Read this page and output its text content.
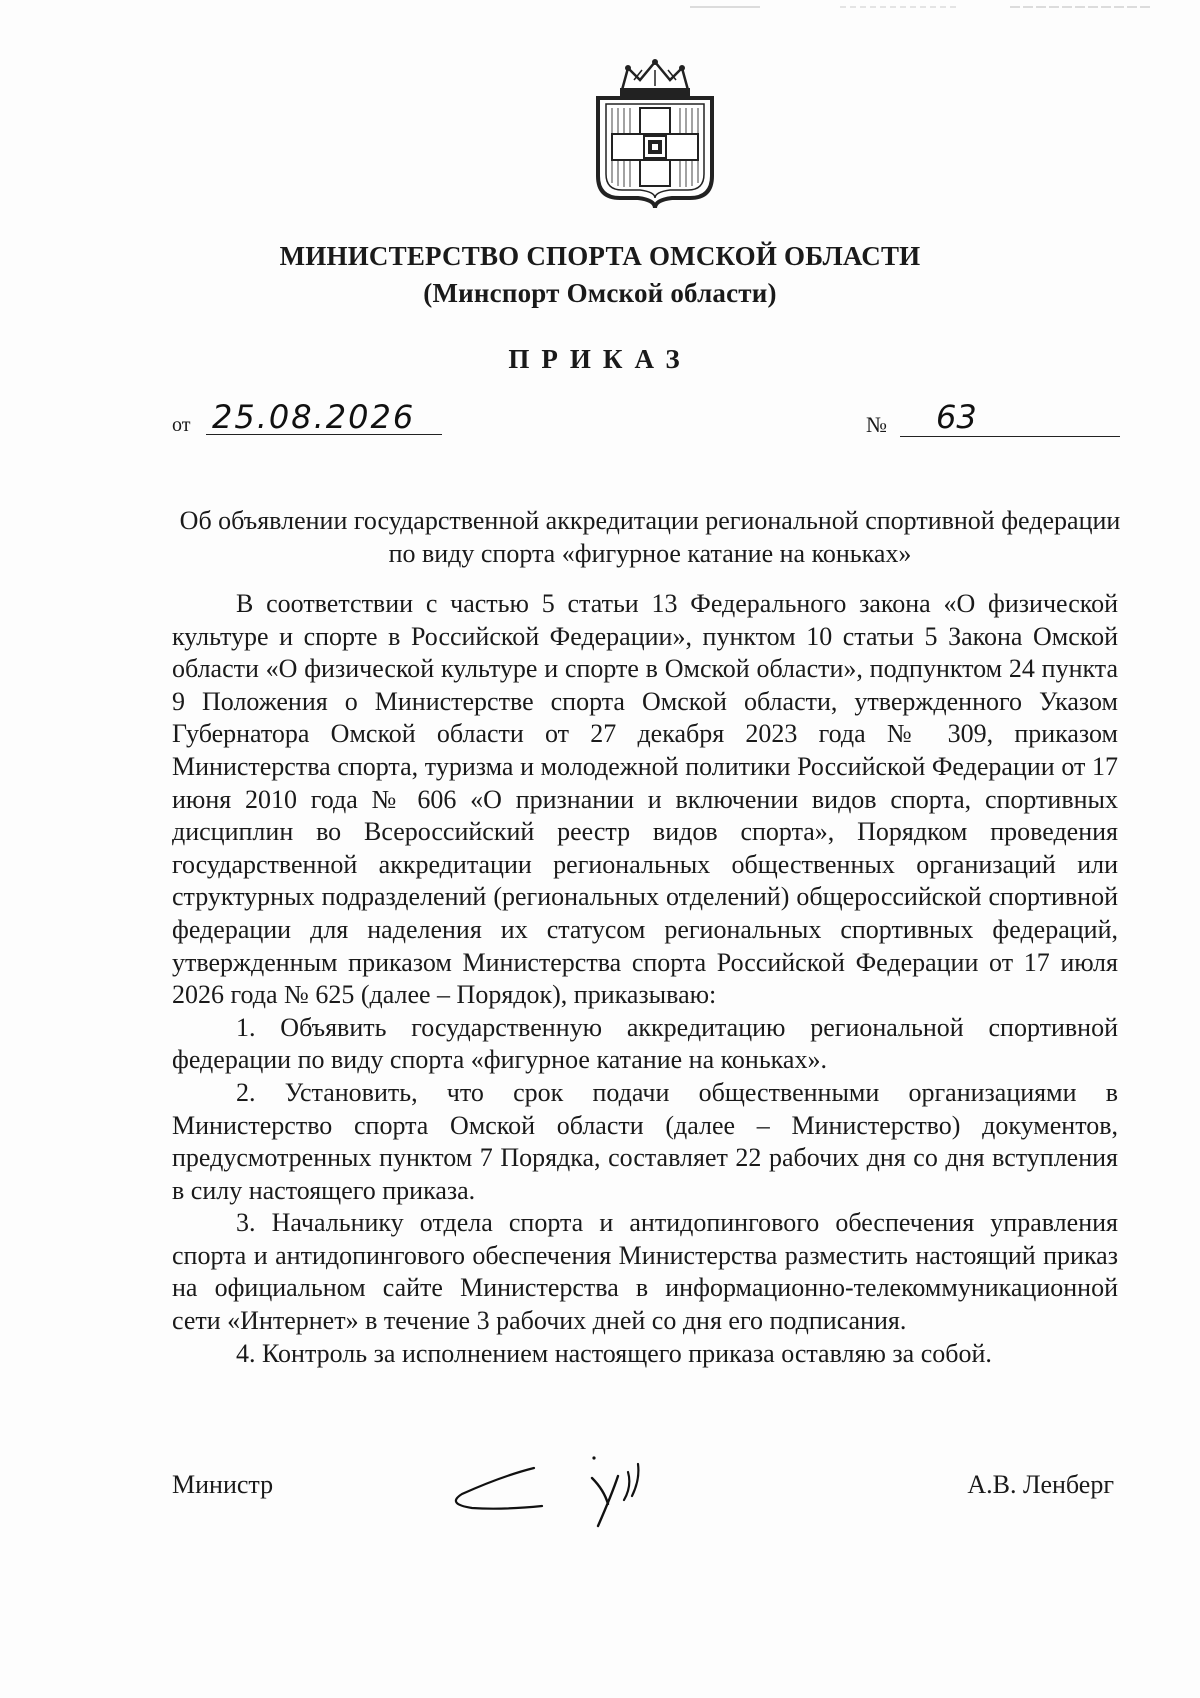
МИНИСТЕРСТВО СПОРТА ОМСКОЙ ОБЛАСТИ
(Минспорт Омской области)
ПРИКАЗ
от 25.08.2026	№ 63
Об объявлении государственной аккредитации региональной спортивной федерации по виду спорта «фигурное катание на коньках»

В соответствии с частью 5 статьи 13 Федерального закона «О физической культуре и спорте в Российской Федерации», пунктом 10 статьи 5 Закона Омской области «О физической культуре и спорте в Омской области», подпунктом 24 пункта 9 Положения о Министерстве спорта Омской области, утвержденного Указом Губернатора Омской области от 27 декабря 2023 года № 309, приказом Министерства спорта, туризма и молодежной политики Российской Федерации от 17 июня 2010 года № 606 «О признании и включении видов спорта, спортивных дисциплин во Всероссийский реестр видов спорта», Порядком проведения государственной аккредитации региональных общественных организаций или структурных подразделений (региональных отделений) общероссийской спортивной федерации для наделения их статусом региональных спортивных федераций, утвержденным приказом Министерства спорта Российской Федерации от 17 июля 2026 года № 625 (далее – Порядок), приказываю:

1. Объявить государственную аккредитацию региональной спортивной федерации по виду спорта «фигурное катание на коньках».

2. Установить, что срок подачи общественными организациями в Министерство спорта Омской области (далее – Министерство) документов, предусмотренных пунктом 7 Порядка, составляет 22 рабочих дня со дня вступления в силу настоящего приказа.

3. Начальнику отдела спорта и антидопингового обеспечения управления спорта и антидопингового обеспечения Министерства разместить настоящий приказ на официальном сайте Министерства в информационно-телекоммуникационной сети «Интернет» в течение 3 рабочих дней со дня его подписания.

4. Контроль за исполнением настоящего приказа оставляю за собой.

Министр	А.В. Ленберг
